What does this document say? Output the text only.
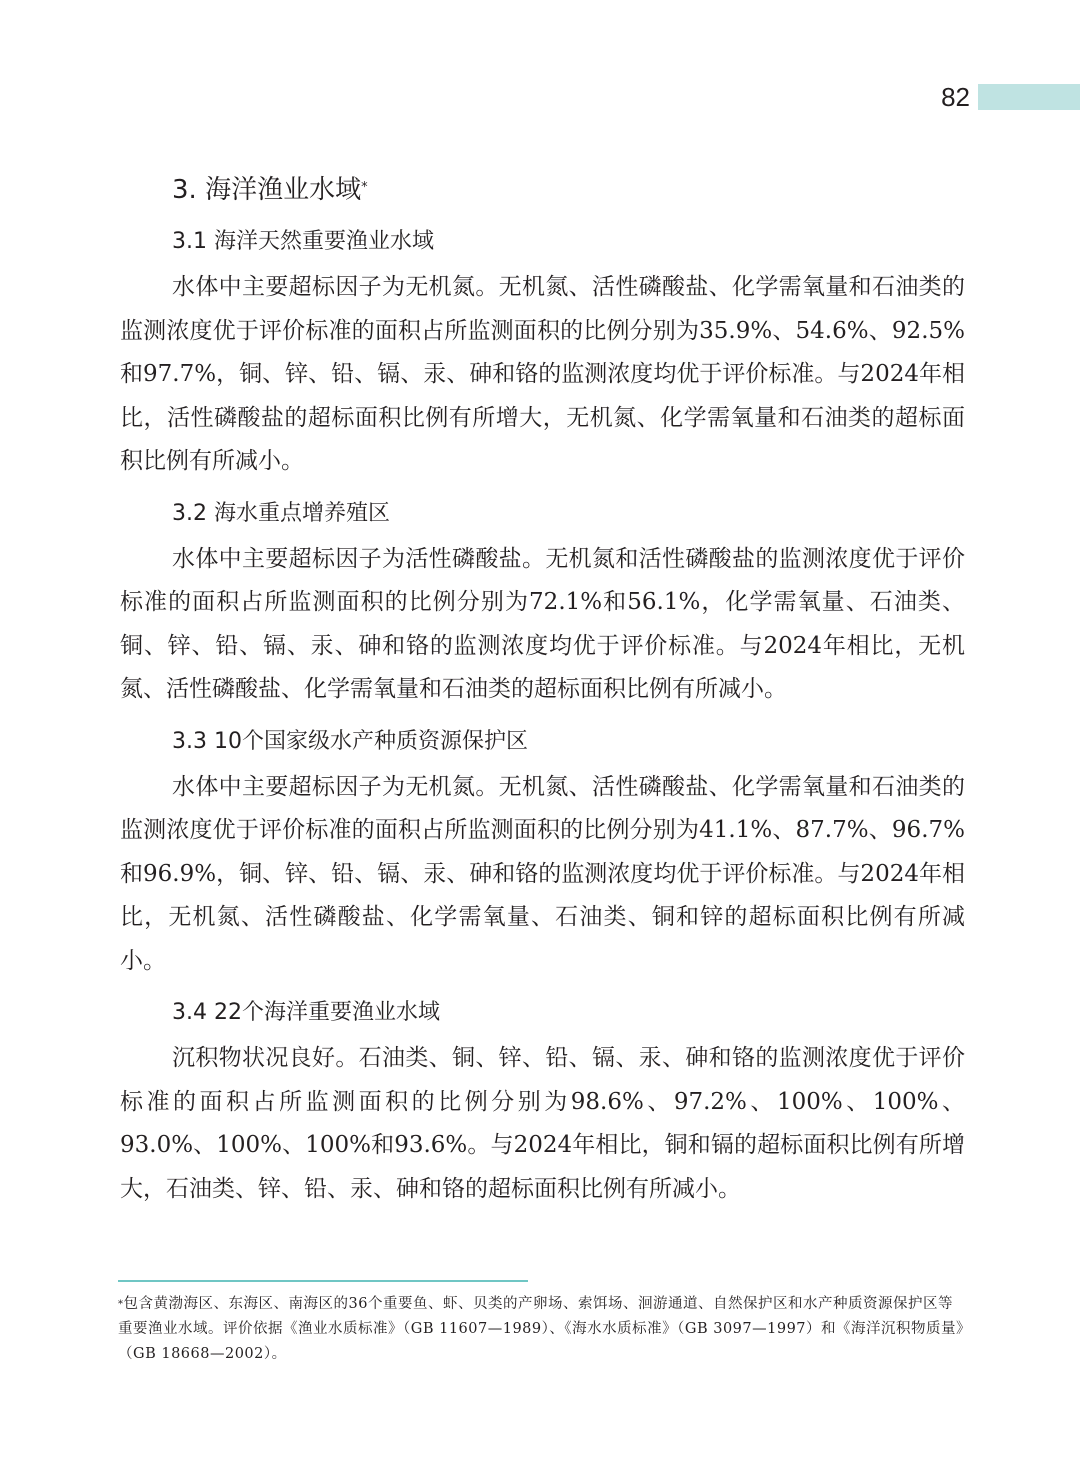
82
3. 海洋渔业水域*
3.1 海洋天然重要渔业水域

水体中主要超标因子为无机氮。无机氮、活性磷酸盐、化学需氧量和石油类的监测浓度优于评价标准的面积占所监测面积的比例分别为35.9%、54.6%、92.5%和97.7%，铜、锌、铅、镉、汞、砷和铬的监测浓度均优于评价标准。与2024年相比，活性磷酸盐的超标面积比例有所增大，无机氮、化学需氧量和石油类的超标面积比例有所减小。

3.2 海水重点增养殖区

水体中主要超标因子为活性磷酸盐。无机氮和活性磷酸盐的监测浓度优于评价标准的面积占所监测面积的比例分别为72.1%和56.1%，化学需氧量、石油类、铜、锌、铅、镉、汞、砷和铬的监测浓度均优于评价标准。与2024年相比，无机氮、活性磷酸盐、化学需氧量和石油类的超标面积比例有所减小。

3.3 10个国家级水产种质资源保护区

水体中主要超标因子为无机氮。无机氮、活性磷酸盐、化学需氧量和石油类的监测浓度优于评价标准的面积占所监测面积的比例分别为41.1%、87.7%、96.7%和96.9%，铜、锌、铅、镉、汞、砷和铬的监测浓度均优于评价标准。与2024年相比，无机氮、活性磷酸盐、化学需氧量、石油类、铜和锌的超标面积比例有所减小。

3.4 22个海洋重要渔业水域

沉积物状况良好。石油类、铜、锌、铅、镉、汞、砷和铬的监测浓度优于评价标准的面积占所监测面积的比例分别为98.6%、97.2%、100%、100%、93.0%、100%、100%和93.6%。与2024年相比，铜和镉的超标面积比例有所增大，石油类、锌、铅、汞、砷和铬的超标面积比例有所减小。

*包含黄渤海区、东海区、南海区的36个重要鱼、虾、贝类的产卵场、索饵场、洄游通道、自然保护区和水产种质资源保护区等重要渔业水域。评价依据《渔业水质标准》（GB 11607—1989）、《海水水质标准》（GB 3097—1997）和《海洋沉积物质量》（GB 18668—2002）。
